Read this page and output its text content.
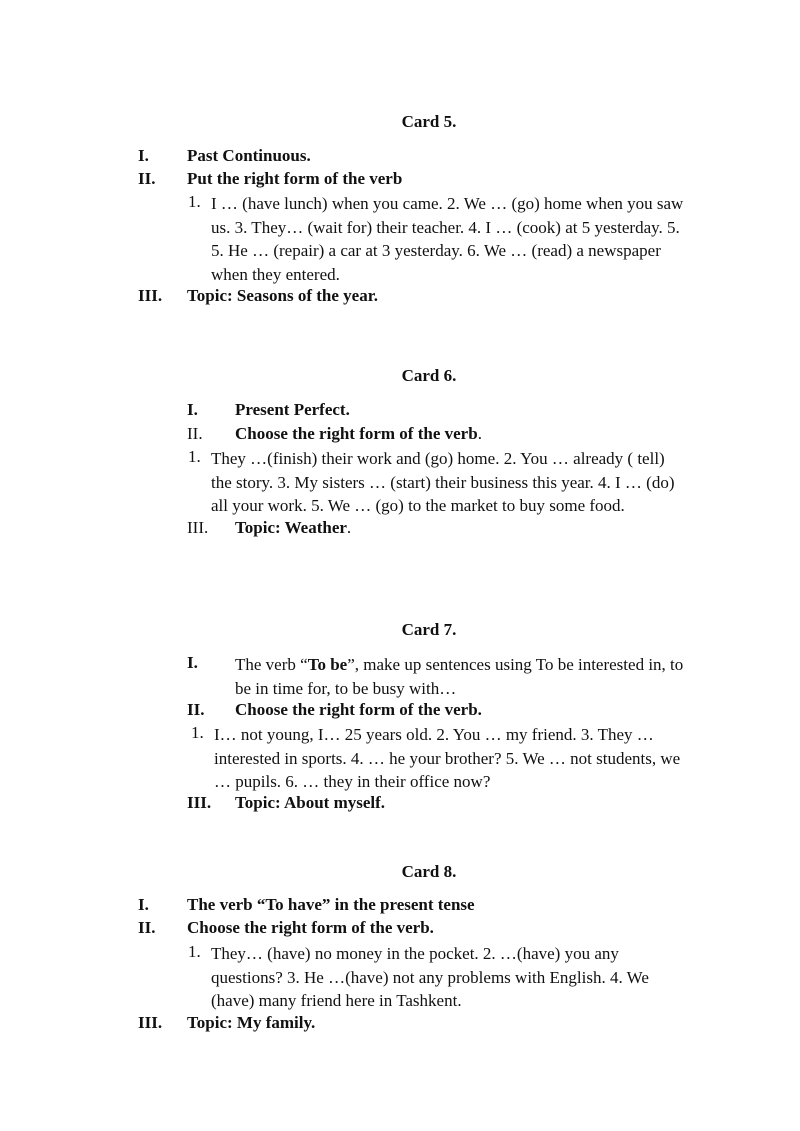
Card 5.
I. Past Continuous.
II. Put the right form of the verb
1. I … (have lunch) when you came. 2. We … (go) home when you saw
us. 3. They… (wait for) their teacher. 4. I … (cook) at 5 yesterday. 5.
5. He … (repair) a car at 3 yesterday. 6. We … (read) a newspaper
when they entered.
III. Topic: Seasons of the year.
Card 6.
I. Present Perfect.
II. Choose the right form of the verb.
1. They …(finish) their work and (go) home. 2. You … already ( tell)
the story. 3. My sisters … (start) their business this year. 4. I … (do)
all your work. 5. We … (go) to the market to buy some food.
III. Topic: Weather.
Card 7.
I. The verb “To be”, make up sentences using To be interested in, to
be in time for, to be busy with…
II. Choose the right form of the verb.
1. I… not young, I… 25 years old. 2. You … my friend. 3. They …
interested in sports. 4. … he your brother? 5. We … not students, we
… pupils. 6. … they in their office now?
III. Topic: About myself.
Card 8.
I. The verb “To have” in the present tense
II. Choose the right form of the verb.
1. They… (have) no money in the pocket. 2. …(have) you any
questions? 3. He …(have) not any problems with English. 4. We
(have) many friend here in Tashkent.
III. Topic: My family.
